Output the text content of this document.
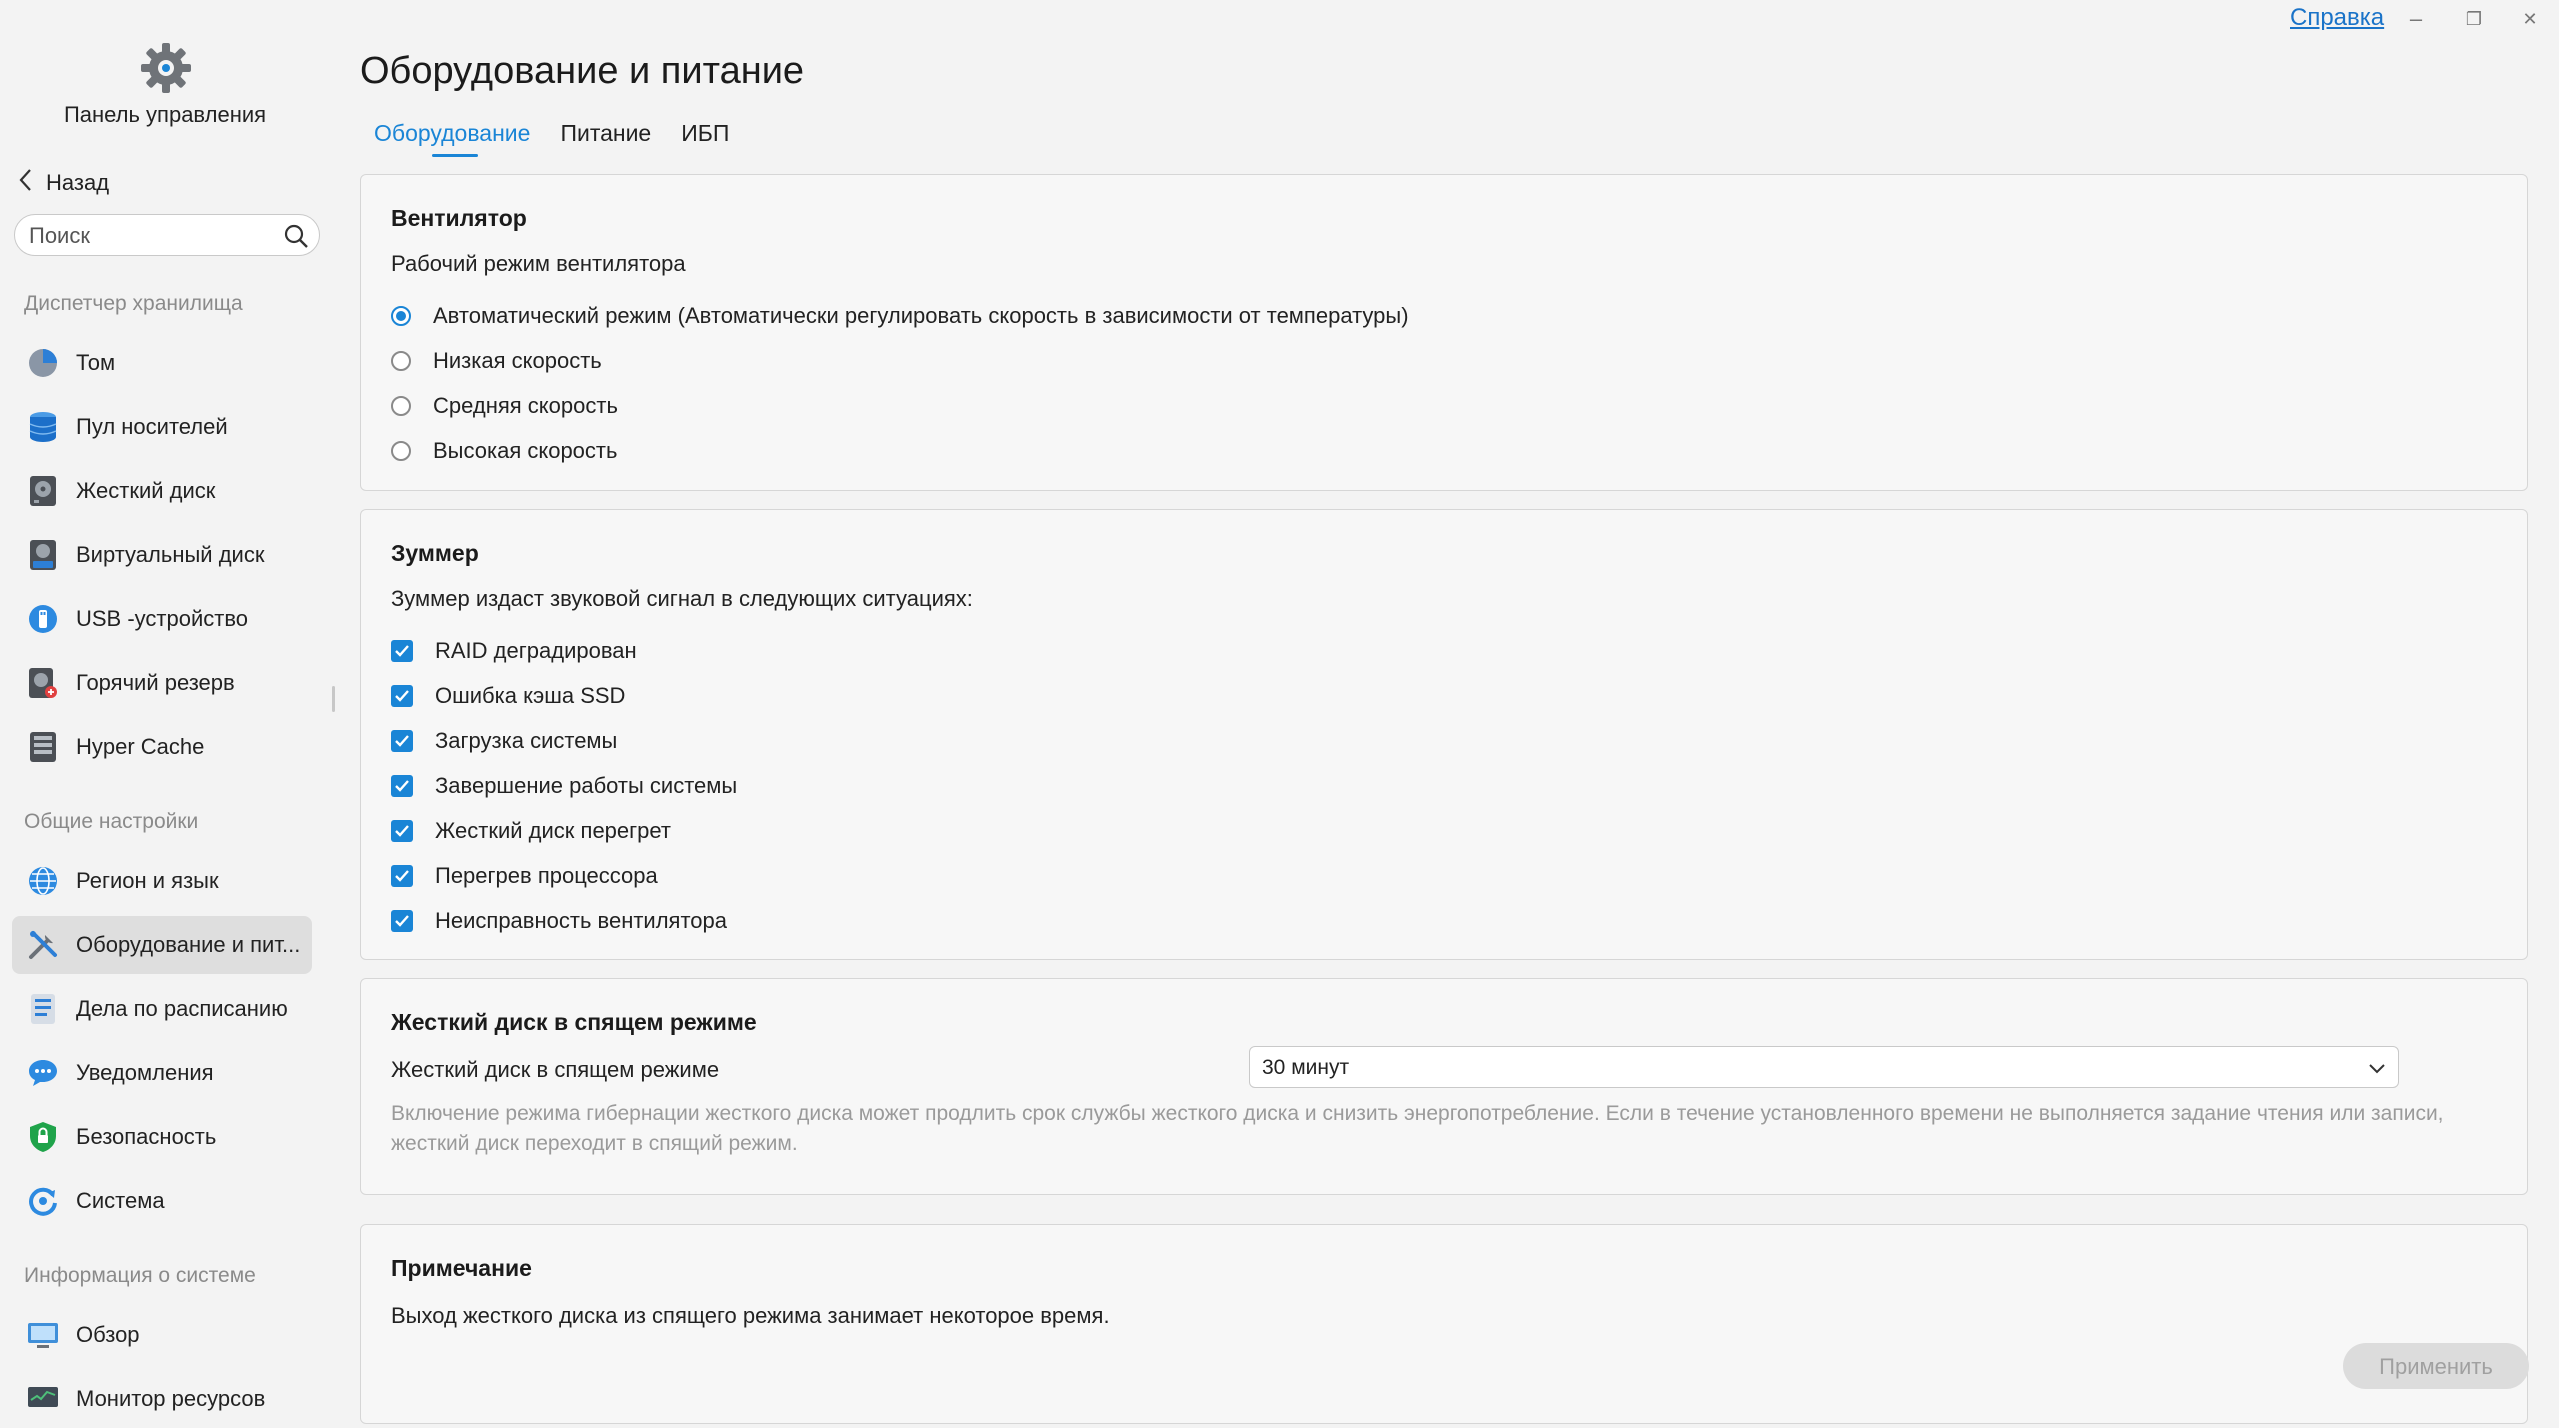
Справка	–	❐	✕
Панель управления
Назад
Поиск
Диспетчер хранилища
Том
Пул носителей
Жесткий диск
Виртуальный диск
USB -устройство
Горячий резерв
Hyper Cache
Общие настройки
Регион и язык
Оборудование и пит...
Дела по расписанию
Уведомления
Безопасность
Система
Информация о системе
Обзор
Монитор ресурсов
Оборудование и питание
Оборудование Питание ИБП
Вентилятор
Рабочий режим вентилятора
Автоматический режим (Автоматически регулировать скорость в зависимости от температуры)
Низкая скорость
Средняя скорость
Высокая скорость
Зуммер
Зуммер издаст звуковой сигнал в следующих ситуациях:
RAID деградирован
Ошибка кэша SSD
Загрузка системы
Завершение работы системы
Жесткий диск перегрет
Перегрев процессора
Неисправность вентилятора
Жесткий диск в спящем режиме
Жесткий диск в спящем режиме	30 минут
Включение режима гибернации жесткого диска может продлить срок службы жесткого диска и снизить энергопотребление. Если в течение установленного времени не выполняется задание чтения или записи, жесткий диск переходит в спящий режим.
Примечание
Выход жесткого диска из спящего режима занимает некоторое время.
Применить
